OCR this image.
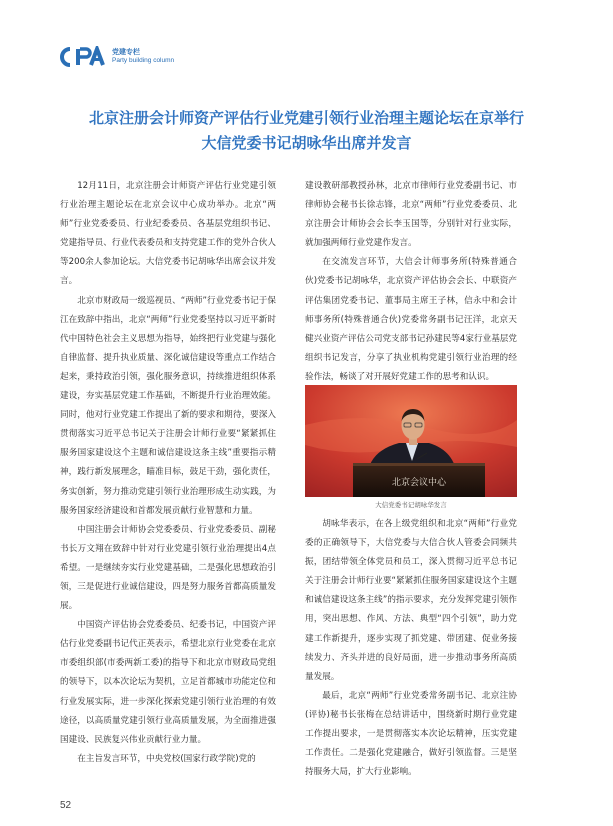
党建专栏
Party building column
北京注册会计师资产评估行业党建引领行业治理主题论坛在京举行
大信党委书记胡咏华出席并发言

12月11日，北京注册会计师资产评估行业党建引领行业治理主题论坛在北京会议中心成功举办。北京“两师”行业党委委员、行业纪委委员、各基层党组织书记、党建指导员、行业代表委员和支持党建工作的党外合伙人等200余人参加论坛。大信党委书记胡咏华出席会议并发言。

北京市财政局一级巡视员、“两师”行业党委书记于保江在致辞中指出，北京“两师”行业党委坚持以习近平新时代中国特色社会主义思想为指导，始终把行业党建与强化自律监督、提升执业质量、深化诚信建设等重点工作结合起来，秉持政治引领，强化服务意识，持续推进组织体系建设，夯实基层党建工作基础，不断提升行业治理效能。同时，他对行业党建工作提出了新的要求和期待，要深入贯彻落实习近平总书记关于注册会计师行业要“紧紧抓住服务国家建设这个主题和诚信建设这条主线”重要指示精神，践行新发展理念，瞄准目标，鼓足干劲，强化责任，务实创新，努力推动党建引领行业治理形成生动实践，为服务国家经济建设和首都发展贡献行业智慧和力量。

中国注册会计师协会党委委员、行业党委委员、副秘书长万文翔在致辞中针对行业党建引领行业治理提出4点希望。一是继续夯实行业党建基础，二是强化思想政治引领，三是促进行业诚信建设，四是努力服务首都高质量发展。

中国资产评估协会党委委员、纪委书记，中国资产评估行业党委副书记代正英表示，希望北京行业党委在北京市委组织部(市委两新工委)的指导下和北京市财政局党组的领导下，以本次论坛为契机，立足首都城市功能定位和行业发展实际，进一步深化探索党建引领行业治理的有效途径，以高质量党建引领行业高质量发展，为全面推进强国建设、民族复兴伟业贡献行业力量。

在主旨发言环节，中央党校(国家行政学院)党的

建设教研部教授孙林，北京市律师行业党委副书记、市律师协会秘书长徐志锋，北京“两师”行业党委委员、北京注册会计师协会会长李玉国等，分别针对行业实际，就加强两师行业党建作发言。

在交流发言环节，大信会计师事务所(特殊普通合伙)党委书记胡咏华，北京资产评估协会会长、中联资产评估集团党委书记、董事局主席王子林，信永中和会计师事务所(特殊普通合伙)党委常务副书记汪洋，北京天健兴业资产评估公司党支部书记孙建民等4家行业基层党组织书记发言，分享了执业机构党建引领行业治理的经验作法，畅谈了对开展好党建工作的思考和认识。

北京会议中心
大信党委书记胡咏华发言

胡咏华表示，在各上级党组织和北京“两师”行业党委的正确领导下，大信党委与大信合伙人管委会同频共振，团结带领全体党员和员工，深入贯彻习近平总书记关于注册会计师行业要“紧紧抓住服务国家建设这个主题和诚信建设这条主线”的指示要求，充分发挥党建引领作用，突出思想、作风、方法、典型“四个引领”，助力党建工作新提升，逐步实现了抓党建、带团建、促业务接续发力、齐头并进的良好局面，进一步推动事务所高质量发展。

最后，北京“两师”行业党委常务副书记、北京注协(评协)秘书长张梅在总结讲话中，围绕新时期行业党建工作提出要求，一是贯彻落实本次论坛精神，压实党建工作责任。二是强化党建融合，做好引领监督。三是坚持服务大局，扩大行业影响。

52
